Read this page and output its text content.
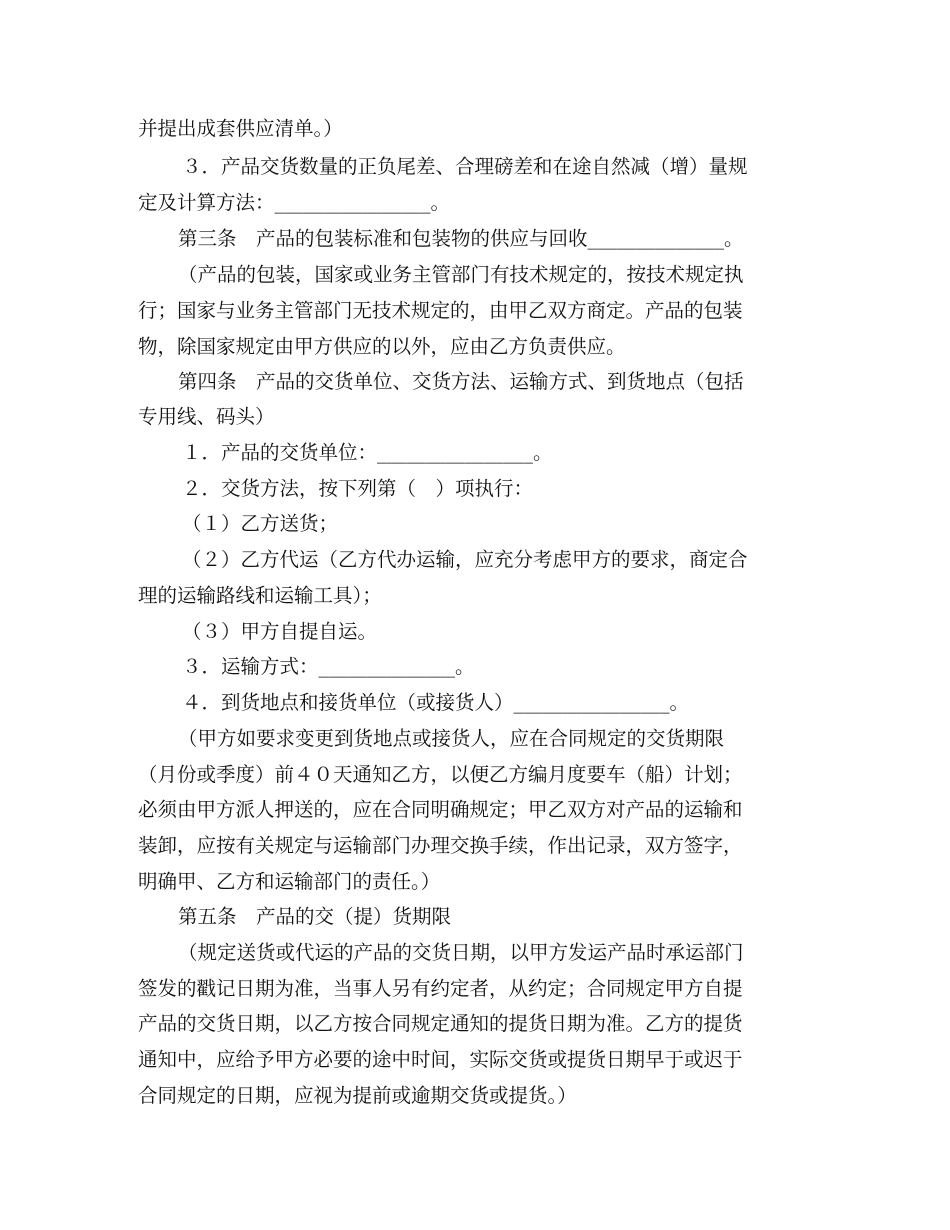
并提出成套供应清单。）
３．产品交货数量的正负尾差、合理磅差和在途自然减（增）量规
定及计算方法：________________。
第三条　产品的包装标准和包装物的供应与回收______________。
（产品的包装，国家或业务主管部门有技术规定的，按技术规定执
行；国家与业务主管部门无技术规定的，由甲乙双方商定。产品的包装
物，除国家规定由甲方供应的以外，应由乙方负责供应。
第四条　产品的交货单位、交货方法、运输方式、到货地点（包括
专用线、码头）
１．产品的交货单位：________________。
２．交货方法，按下列第（　）项执行：
（１）乙方送货；
（２）乙方代运（乙方代办运输，应充分考虑甲方的要求，商定合
理的运输路线和运输工具）；
（３）甲方自提自运。
３．运输方式：______________。
４．到货地点和接货单位（或接货人）________________。
（甲方如要求变更到货地点或接货人，应在合同规定的交货期限
（月份或季度）前４０天通知乙方，以便乙方编月度要车（船）计划；
必须由甲方派人押送的，应在合同明确规定；甲乙双方对产品的运输和
装卸，应按有关规定与运输部门办理交换手续，作出记录，双方签字，
明确甲、乙方和运输部门的责任。）
第五条　产品的交（提）货期限
（规定送货或代运的产品的交货日期，以甲方发运产品时承运部门
签发的戳记日期为准，当事人另有约定者，从约定；合同规定甲方自提
产品的交货日期，以乙方按合同规定通知的提货日期为准。乙方的提货
通知中，应给予甲方必要的途中时间，实际交货或提货日期早于或迟于
合同规定的日期，应视为提前或逾期交货或提货。）
